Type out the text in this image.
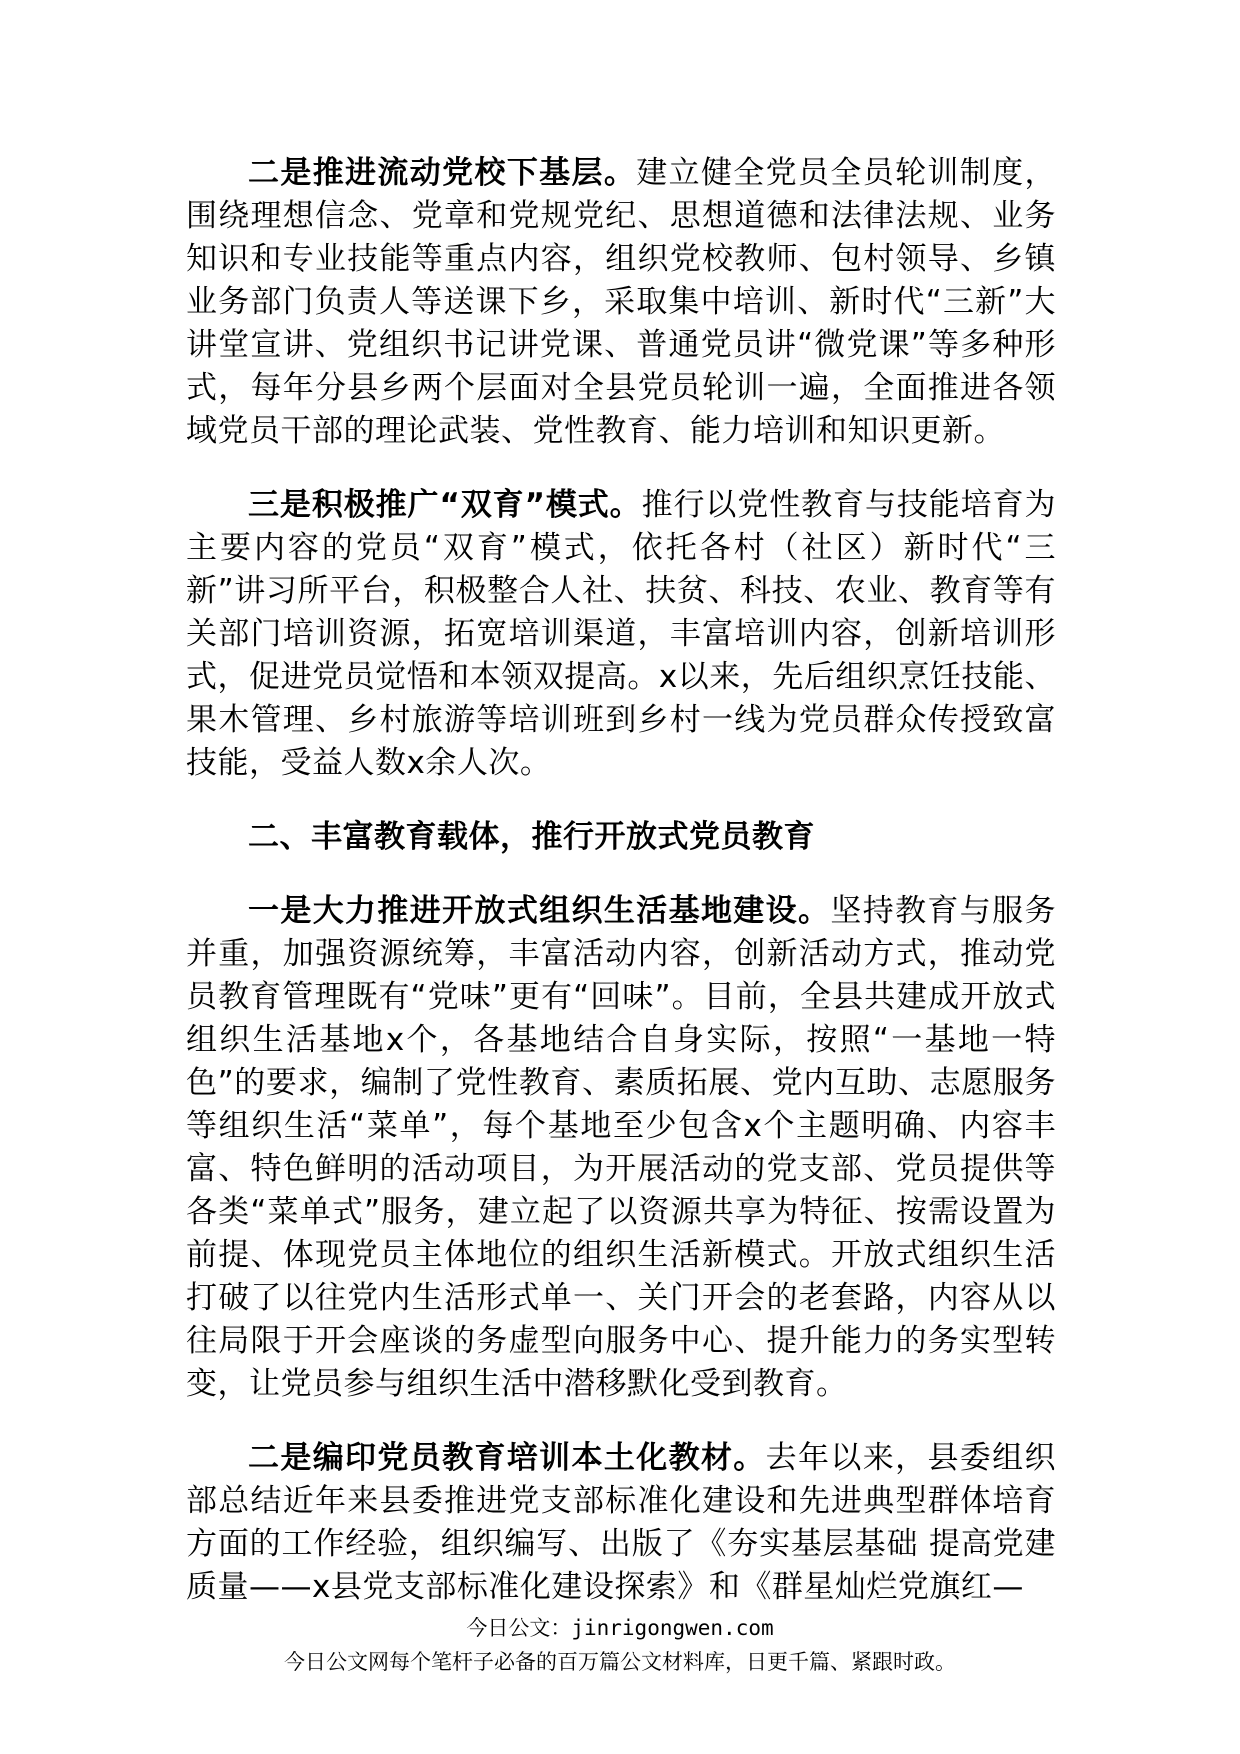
二是推进流动党校下基层。建立健全党员全员轮训制度，围绕理想信念、党章和党规党纪、思想道德和法律法规、业务知识和专业技能等重点内容，组织党校教师、包村领导、乡镇业务部门负责人等送课下乡，采取集中培训、新时代“三新”大讲堂宣讲、党组织书记讲党课、普通党员讲“微党课”等多种形式，每年分县乡两个层面对全县党员轮训一遍，全面推进各领域党员干部的理论武装、党性教育、能力培训和知识更新。

三是积极推广“双育”模式。推行以党性教育与技能培育为主要内容的党员“双育”模式，依托各村（社区）新时代“三新”讲习所平台，积极整合人社、扶贫、科技、农业、教育等有关部门培训资源，拓宽培训渠道，丰富培训内容，创新培训形式，促进党员觉悟和本领双提高。x以来，先后组织烹饪技能、果木管理、乡村旅游等培训班到乡村一线为党员群众传授致富技能，受益人数x余人次。

二、丰富教育载体，推行开放式党员教育

一是大力推进开放式组织生活基地建设。坚持教育与服务并重，加强资源统筹，丰富活动内容，创新活动方式，推动党员教育管理既有“党味”更有“回味”。目前，全县共建成开放式组织生活基地x个，各基地结合自身实际，按照“一基地一特色”的要求，编制了党性教育、素质拓展、党内互助、志愿服务等组织生活“菜单”，每个基地至少包含x个主题明确、内容丰富、特色鲜明的活动项目，为开展活动的党支部、党员提供等各类“菜单式”服务，建立起了以资源共享为特征、按需设置为前提、体现党员主体地位的组织生活新模式。开放式组织生活打破了以往党内生活形式单一、关门开会的老套路，内容从以往局限于开会座谈的务虚型向服务中心、提升能力的务实型转变，让党员参与组织生活中潜移默化受到教育。

二是编印党员教育培训本土化教材。去年以来，县委组织部总结近年来县委推进党支部标准化建设和先进典型群体培育方面的工作经验，组织编写、出版了《夯实基层基础 提高党建质量——x县党支部标准化建设探索》和《群星灿烂党旗红—

今日公文：jinrigongwen.com
今日公文网每个笔杆子必备的百万篇公文材料库，日更千篇、紧跟时政。
